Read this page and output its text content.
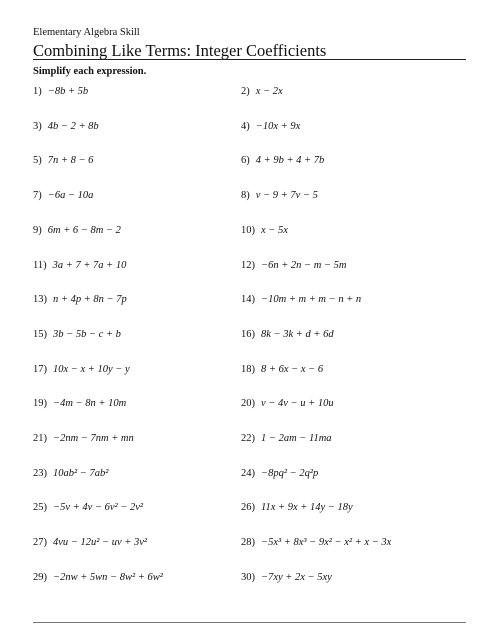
Elementary Algebra Skill
Combining Like Terms: Integer Coefficients
Simplify each expression.
1) −8b + 5b	2) x − 2x
3) 4b − 2 + 8b	4) −10x + 9x
5) 7n + 8 − 6	6) 4 + 9b + 4 + 7b
7) −6a − 10a	8) v − 9 + 7v − 5
9) 6m + 6 − 8m − 2	10) x − 5x
11) 3a + 7 + 7a + 10	12) −6n + 2n − m − 5m
13) n + 4p + 8n − 7p	14) −10m + m + m − n + n
15) 3b − 5b − c + b	16) 8k − 3k + d + 6d
17) 10x − x + 10y − y	18) 8 + 6x − x − 6
19) −4m − 8n + 10m	20) v − 4v − u + 10u
21) −2nm − 7nm + mn	22) 1 − 2am − 11ma
23) 10ab² − 7ab²	24) −8pq² − 2q²p
25) −5v + 4v − 6v² − 2v²	26) 11x + 9x + 14y − 18y
27) 4vu − 12u² − uv + 3v²	28) −5x³ + 8x³ − 9x² − x² + x − 3x
29) −2nw + 5wn − 8w² + 6w²	30) −7xy + 2x − 5xy
